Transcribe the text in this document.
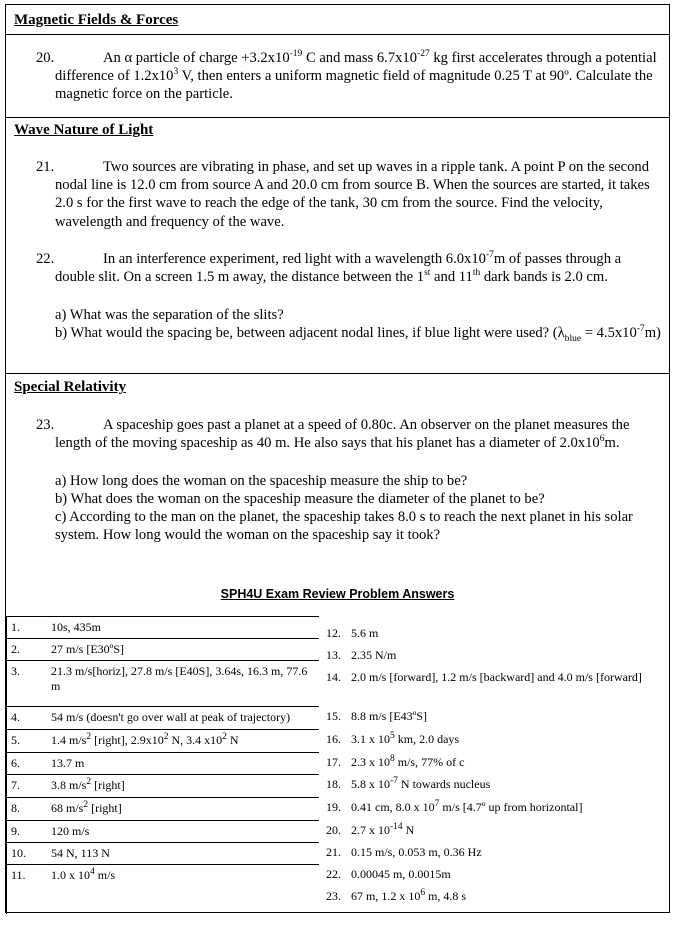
Magnetic Fields & Forces
20.	An α particle of charge $+3.2x10^{-19}$ C and mass $6.7x10^{-27}$ kg first accelerates through a potential difference of $1.2x10^3$ V, then enters a uniform magnetic field of magnitude 0.25 T at 90º. Calculate the magnetic force on the particle.
Wave Nature of Light
21.	Two sources are vibrating in phase, and set up waves in a ripple tank. A point P on the second nodal line is 12.0 cm from source A and 20.0 cm from source B. When the sources are started, it takes 2.0 s for the first wave to reach the edge of the tank, 30 cm from the source. Find the velocity, wavelength and frequency of the wave.
22.	In an interference experiment, red light with a wavelength $6.0x10^{-7}m$ of passes through a double slit. On a screen 1.5 m away, the distance between the 1st and 11th dark bands is 2.0 cm.
a) What was the separation of the slits?
b) What would the spacing be, between adjacent nodal lines, if blue light were used? $(\lambda_{blue} = 4.5x10^{-7}m)$
Special Relativity
23.	A spaceship goes past a planet at a speed of 0.80c. An observer on the planet measures the length of the moving spaceship as 40 m. He also says that his planet has a diameter of $2.0x10^6m$.
a) How long does the woman on the spaceship measure the ship to be?
b) What does the woman on the spaceship measure the diameter of the planet to be?
c) According to the man on the planet, the spaceship takes 8.0 s to reach the next planet in his solar system. How long would the woman on the spaceship say it took?
SPH4U Exam Review Problem Answers
1.	10s, 435m
2.	27 m/s [E30ºS]
3.	21.3 m/s[horiz], 27.8 m/s [E40S], 3.64s, 16.3 m, 77.6 m
4.	54 m/s (doesn't go over wall at peak of trajectory)
5.	1.4 $m/s^2$ [right], $2.9x10^2$ N, 3.4 $x10^2$ N
6.	13.7 m
7.	3.8 $m/s^2$ [right]
8.	68 $m/s^2$ [right]
9.	120 m/s
10. 54 N, 113 N
11. 1.0 x $10^4$ m/s
12. 5.6 m
13. 2.35 N/m
14. 2.0 m/s [forward], 1.2 m/s [backward] and 4.0 m/s [forward]
15. 8.8 m/s [E43ºS]
16. 3.1 x $10^5$ km, 2.0 days
17. 2.3 x $10^8$ m/s, 77% of c
18. 5.8 x $10^{-7}$ N towards nucleus
19. 0.41 cm, 8.0 x $10^7$ m/s [4.7º up from horizontal]
20. 2.7 x $10^{-14}$ N
21. 0.15 m/s, 0.053 m, 0.36 Hz
22. 0.00045 m, 0.0015m
23. 67 m, 1.2 x $10^6$ m, 4.8 s
